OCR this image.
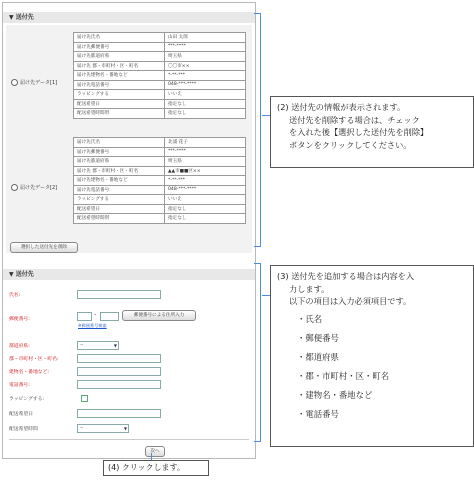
▼ 送付先
届け先データ[1]
届け先氏名	山田 太郎
届け先郵便番号	***-****
届け先都道府県	埼玉県
届け先 郡・市町村・区・町名	〇〇市××
届け先建物名・番地など	*-**-***
届け先電話番号	048-***-****
ラッピングする	いいえ
配送希望日	指定なし
配送希望時間帯	指定なし
届け先データ[2]
届け先氏名	北浦 花子
届け先郵便番号	***-****
届け先都道府県	埼玉県
届け先 郡・市町村・区・町名	▲▲市■■区××
届け先建物名・番地など	*-**-***
届け先電話番号	048-***-****
ラッピングする	いいえ
配送希望日	指定なし
配送希望時間帯	指定なし
選択した送付先を削除
▼ 送付先
氏名:
郵便番号:
-	郵便番号による住所入力
※郵便番号検索
都道府県:	--	▼
郡・市町村・区・町名:
建物名・番地など:
電話番号:
ラッピングする:
配送希望日
配送希望時間	--	▼
次へ
(2) 送付先の情報が表示されます。
送付先を削除する場合は、チェック
を入れた後【選択した送付先を削除】
ボタンをクリックしてください。
(3) 送付先を追加する場合は内容を入
力します。
以下の項目は入力必須項目です。
・氏名
・郵便番号
・都道府県
・郡・市町村・区・町名
・建物名・番地など
・電話番号
(4) クリックします。
